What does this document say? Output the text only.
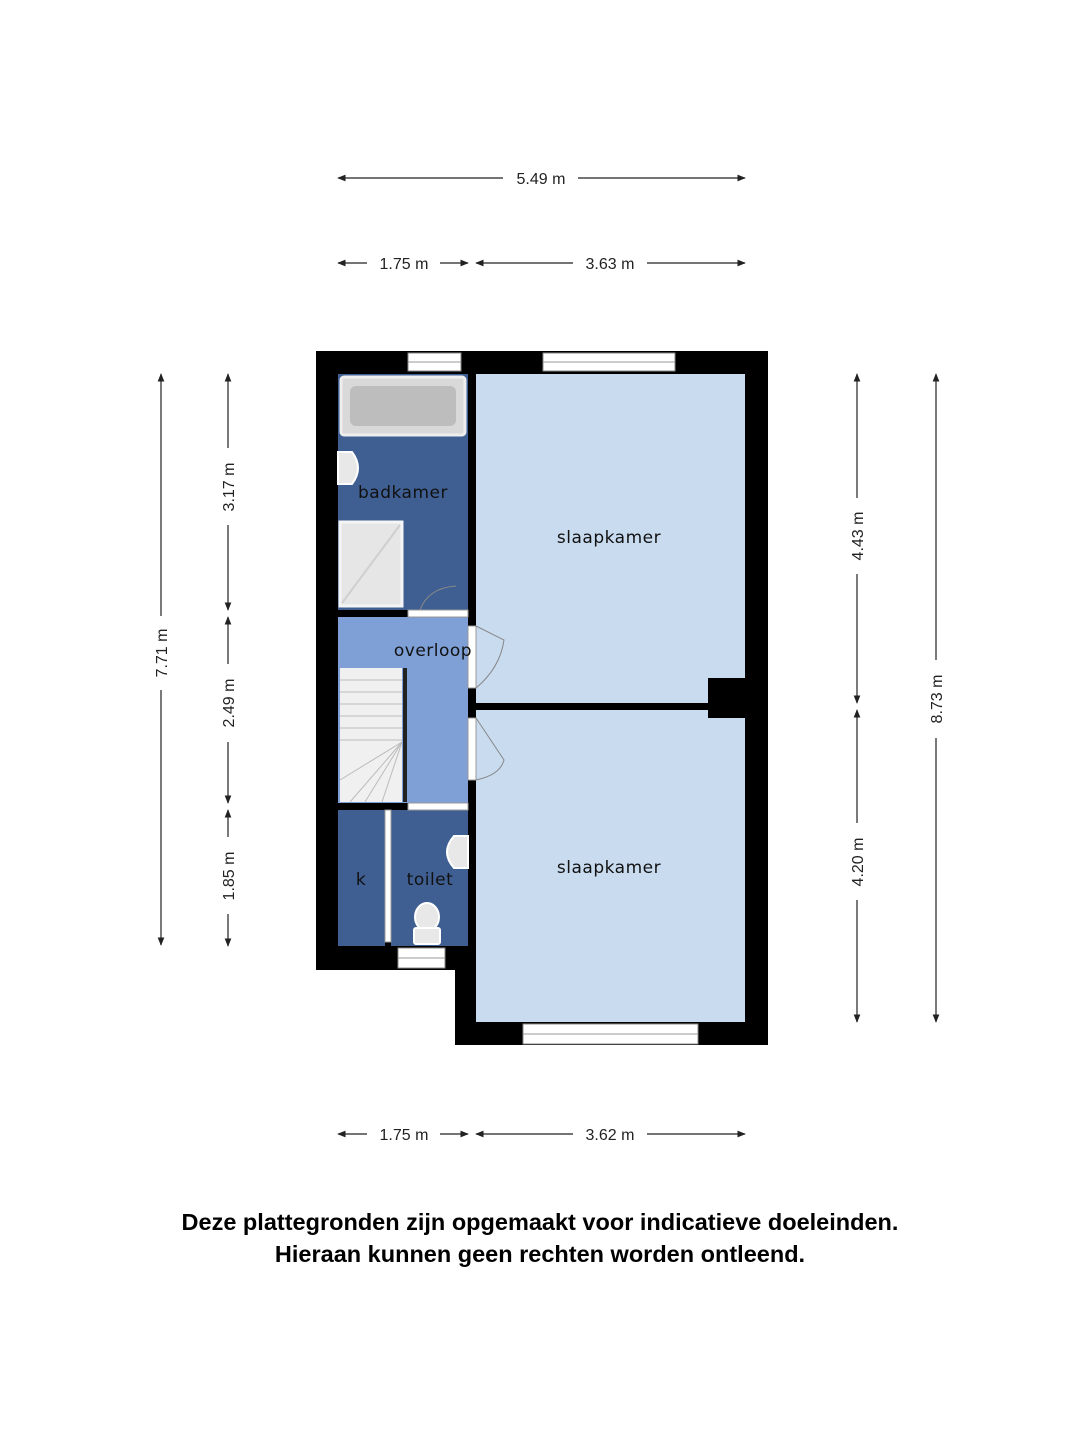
badkamer
overloop
slaapkamer
slaapkamer
toilet
k
5.49 m
1.75 m	3.63 m
1.75 m	3.62 m
7.71 m
3.17 m
2.49 m
1.85 m
4.43 m
4.20 m
8.73 m
Deze plattegronden zijn opgemaakt voor indicatieve doeleinden.
Hieraan kunnen geen rechten worden ontleend.
